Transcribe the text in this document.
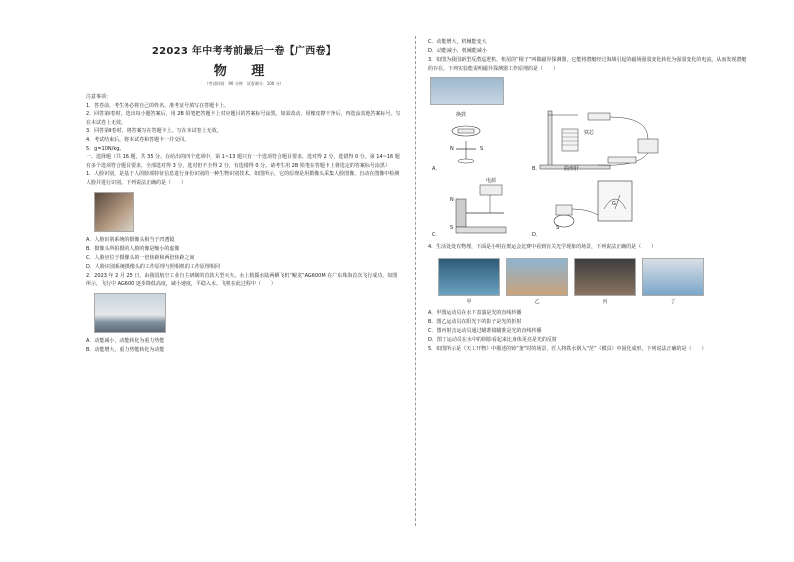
22023 年中考考前最后一卷【广西卷】
物 理
（考试时间：90 分钟　试卷满分：100 分）

注意事项：

1．答卷前，考生务必将自己的姓名、准考证号填写在答题卡上。

2．回答第Ⅰ卷时，选出每小题答案后，用 2B 铅笔把答题卡上对应题目的答案标号涂黑。如需改动，用橡皮擦干净后，再选涂其他答案标号。写在本试卷上无效。

3．回答第Ⅱ卷时，将答案写在答题卡上。写在本试卷上无效。

4．考试结束后，将本试卷和答题卡一并交回。

5．g=10N/kg。

一、选择题（共 16 题，共 35 分。在给出的四个选项中，第 1~13 题只有一个选项符合题目要求，选对得 2 分，选错得 0 分。第 14~16 题有多个选项符合题目要求，全部选对得 3 分，选对但不全得 2 分，有选错得 0 分。请考生用 2B 铅笔在答题卡上将选定的答案标号涂黑）

1．人脸识别，是基于人的脸部特征信息进行身份识别的一种生物识别技术，如图所示，它的原理是用摄像头采集人脸图像，自动在图像中检测人脸并进行识别。下列说法正确的是（　　）

A．人脸识别系统的摄像头相当于凹透镜

B．摄像头所拍摄的人脸的像是缩小的虚像

C．人脸应位于摄像头的一倍焦距和两倍焦距之间

D．人脸识别系统摄像头的工作原理与照相机的工作原理相同

2．2023 年 2 月 25 日，由我国航空工业自主研制的首款大型灭火、水上救援水陆两栖飞机“鲲龙”AG600M 在广东珠海首次飞行成功。如图所示，飞行中 AG600 逐步降低高度，减小速度，平稳入水。飞机在此过程中（　　）

A．动能减小，动能转化为重力势能

B．动能增大，重力势能转化为动能

C．动能增大，机械能变大

D．动能减小，机械能减小

3．如图为我国新型反潜巡逻机，机尾的“棍子”叫做磁异探测器，它能将潜艇经过海域引起的磁场强弱变化转化为强弱变化的电流，从而发现潜艇的存在。下列实验能说明磁异探测器工作原理的是（　　）

换鼓
N	S
A．
铁芯
曲形肝
B．
电源
N
S
C．
G
S
D．

4．生活处处有物理，下面是小明在奥运会比赛中看到有关光学现象的场景，下列说法正确的是（　　）

甲	乙	丙	丁

A．甲图运动员在水下表演是光的直线传播

B．图乙运动员在阳光下的影子是光的折射

C．图丙射击运动员通过瞄准镜瞄准是光的直线传播

D．图丁运动员在水中的倒影看起来比身体更亮是光的反射

5．如图所示是《天工开物》中描述的铸“釜”时的场景，匠人将铁水倒入“范”（模具）中固化成形。下列说法正确的是（　　）
